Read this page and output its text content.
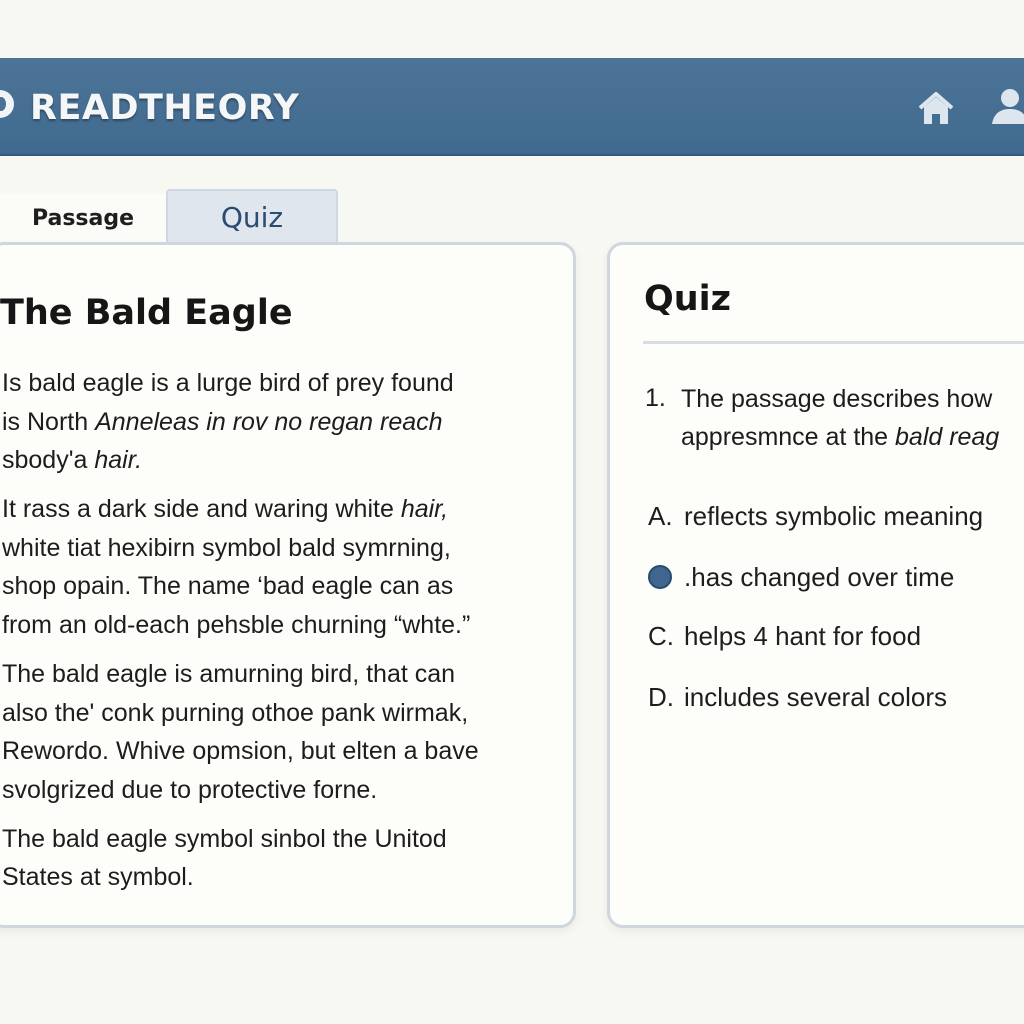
READTHEORY
Passage	Quiz
The Bald Eagle
Is bald eagle is a lurge bird of prey found
is North Anneleas in rov no regan reach
sbody'a hair.
It rass a dark side and waring white hair,
white tiat hexibirn symbol bald symrning,
shop opain. The name ‘bad eagle can as
from an old-each pehsble churning “whte.”
The bald eagle is amurning bird, that can
also the' conk purning othoe pank wirmak,
Rewordo. Whive opmsion, but elten a bave
svolgrized due to protective forne.
The bald eagle symbol sinbol the Unitod
States at symbol.
Quiz
1. The passage describes how
appresmnce at the bald reag
A. reflects symbolic meaning
.has changed over time
C. helps 4 hant for food
D. includes several colors
